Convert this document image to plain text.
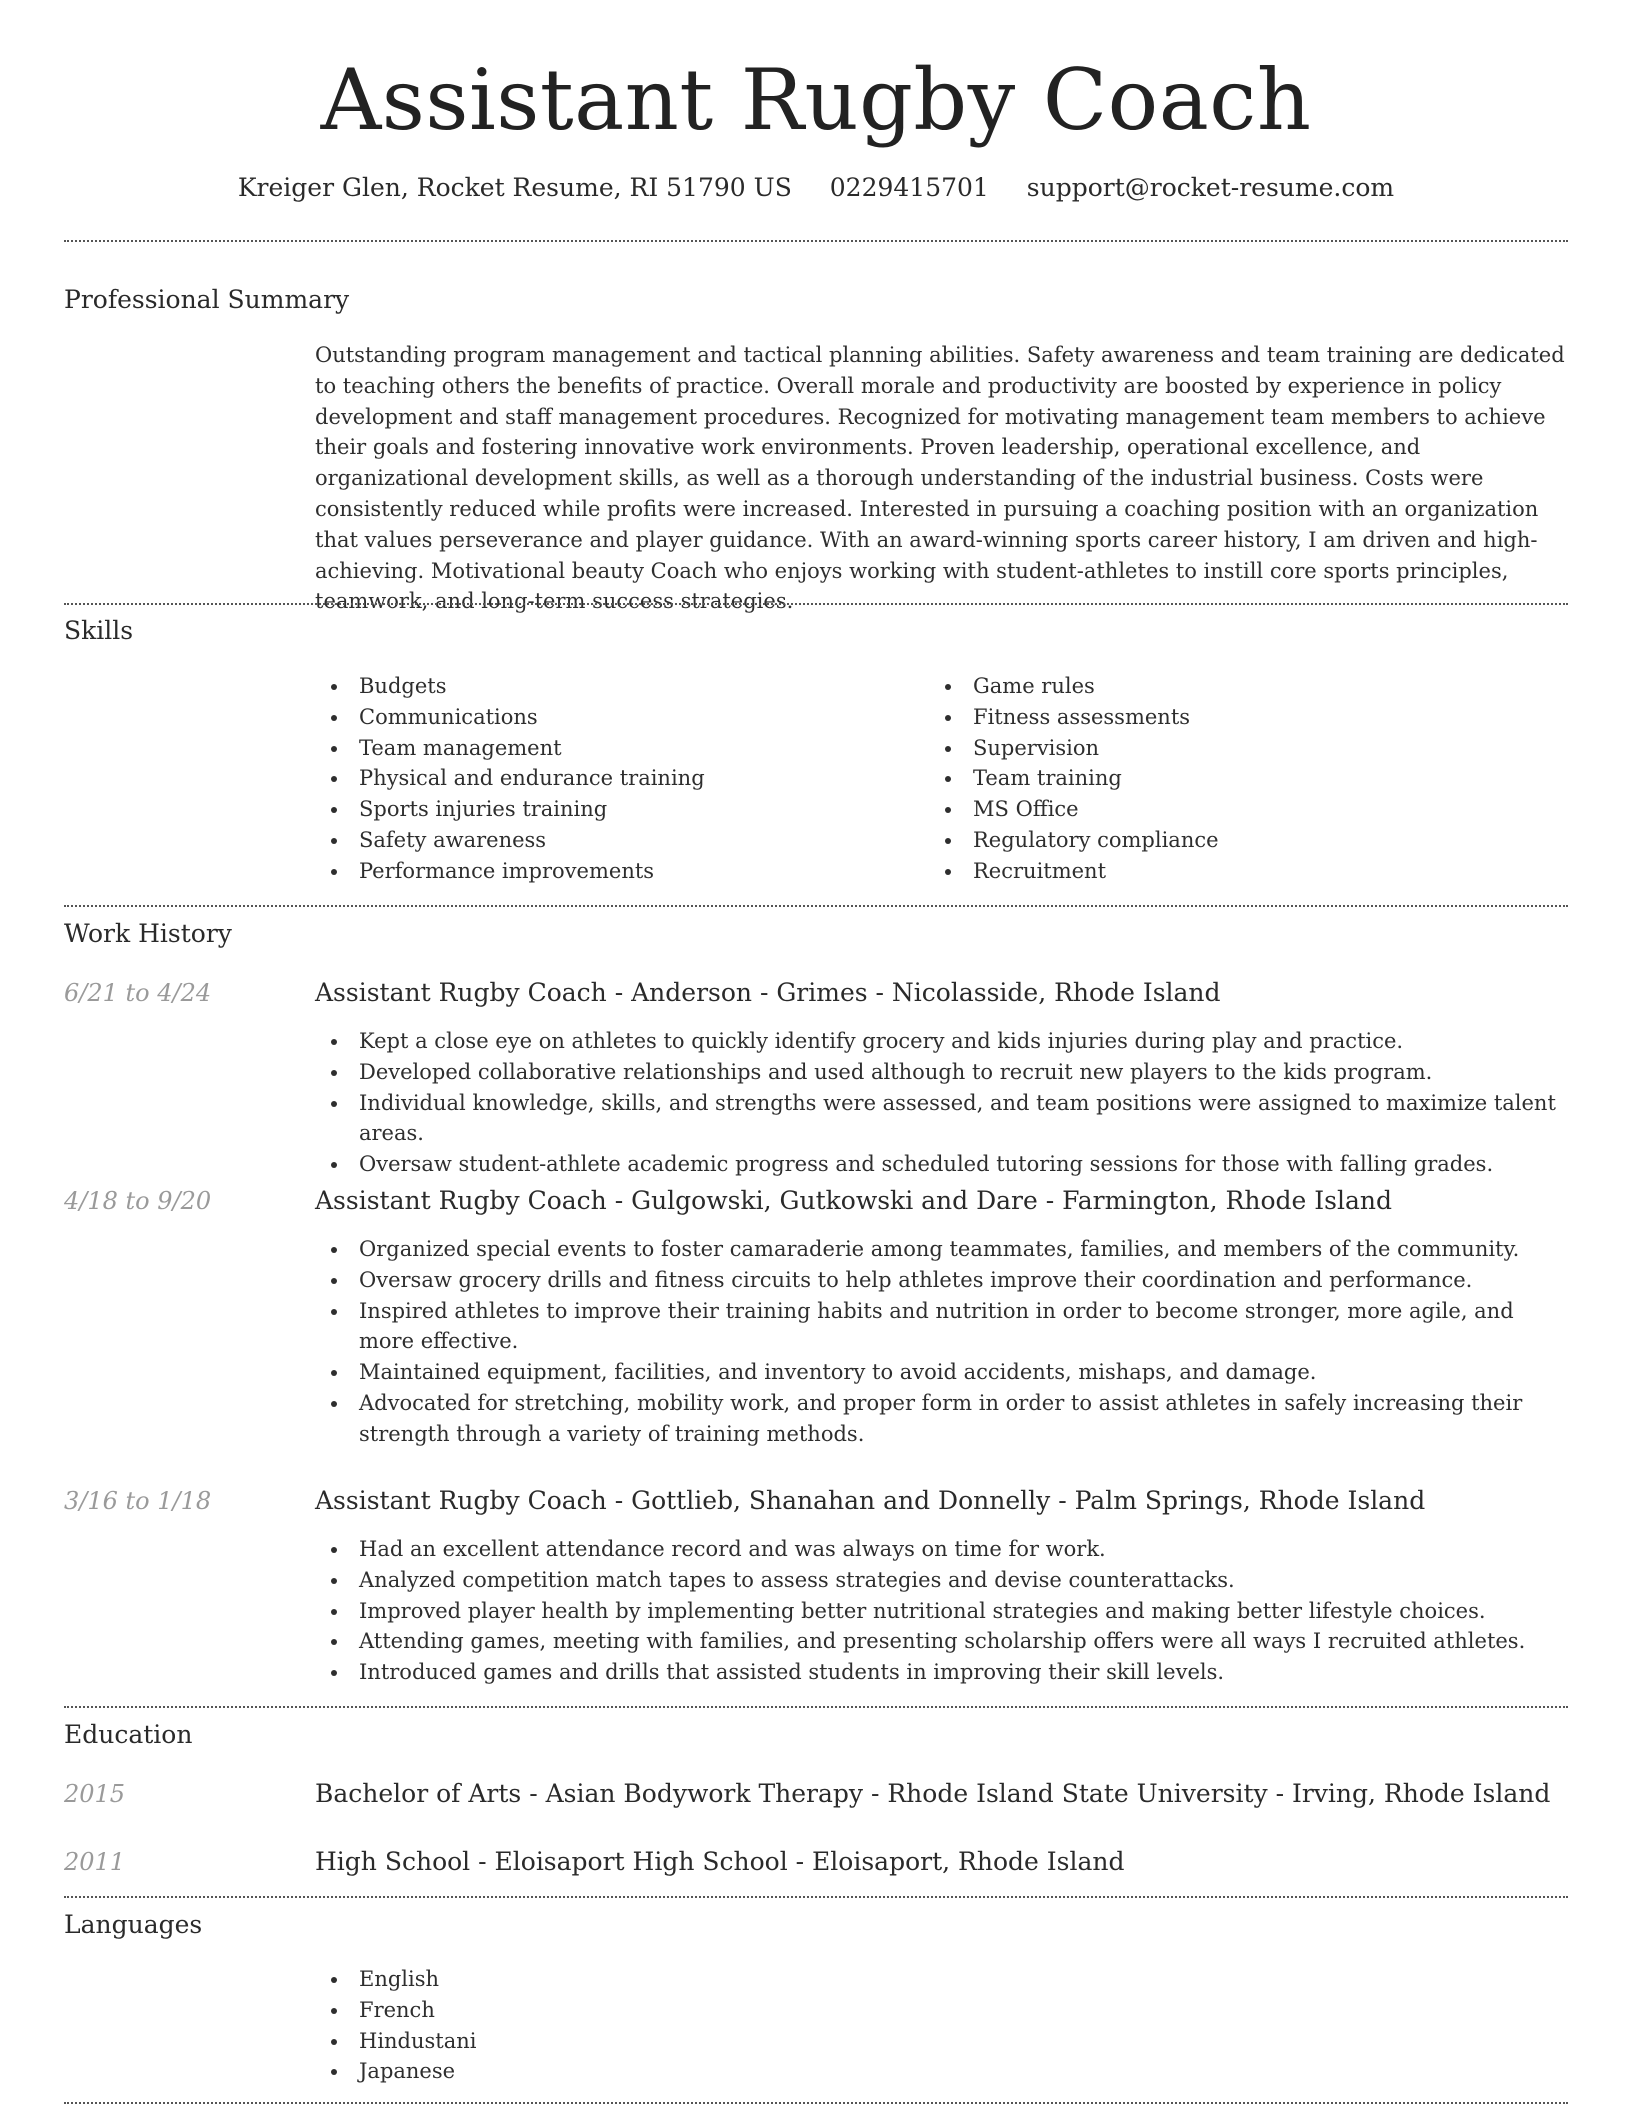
Assistant Rugby Coach
Kreiger Glen, Rocket Resume, RI 51790 US 0229415701 support@rocket-resume.com
Professional Summary

Outstanding program management and tactical planning abilities. Safety awareness and team training are dedicated to teaching others the benefits of practice. Overall morale and productivity are boosted by experience in policy development and staff management procedures. Recognized for motivating management team members to achieve their goals and fostering innovative work environments. Proven leadership, operational excellence, and organizational development skills, as well as a thorough understanding of the industrial business. Costs were consistently reduced while profits were increased. Interested in pursuing a coaching position with an organization that values perseverance and player guidance. With an award-winning sports career history, I am driven and high-achieving. Motivational beauty Coach who enjoys working with student-athletes to instill core sports principles, teamwork, and long-term success strategies.

Skills
Budgets
Communications
Team management
Physical and endurance training
Sports injuries training
Safety awareness
Performance improvements
Game rules
Fitness assessments
Supervision
Team training
MS Office
Regulatory compliance
Recruitment
Work History
6/21 to 4/24	Assistant Rugby Coach - Anderson - Grimes - Nicolasside, Rhode Island
Kept a close eye on athletes to quickly identify grocery and kids injuries during play and practice.
Developed collaborative relationships and used although to recruit new players to the kids program.
Individual knowledge, skills, and strengths were assessed, and team positions were assigned to maximize talent areas.
Oversaw student-athlete academic progress and scheduled tutoring sessions for those with falling grades.
4/18 to 9/20	Assistant Rugby Coach - Gulgowski, Gutkowski and Dare - Farmington, Rhode Island
Organized special events to foster camaraderie among teammates, families, and members of the community.
Oversaw grocery drills and fitness circuits to help athletes improve their coordination and performance.
Inspired athletes to improve their training habits and nutrition in order to become stronger, more agile, and more effective.
Maintained equipment, facilities, and inventory to avoid accidents, mishaps, and damage.
Advocated for stretching, mobility work, and proper form in order to assist athletes in safely increasing their strength through a variety of training methods.
3/16 to 1/18	Assistant Rugby Coach - Gottlieb, Shanahan and Donnelly - Palm Springs, Rhode Island
Had an excellent attendance record and was always on time for work.
Analyzed competition match tapes to assess strategies and devise counterattacks.
Improved player health by implementing better nutritional strategies and making better lifestyle choices.
Attending games, meeting with families, and presenting scholarship offers were all ways I recruited athletes.
Introduced games and drills that assisted students in improving their skill levels.
Education
2015	Bachelor of Arts - Asian Bodywork Therapy - Rhode Island State University - Irving, Rhode Island
2011	High School - Eloisaport High School - Eloisaport, Rhode Island
Languages
English
French
Hindustani
Japanese
